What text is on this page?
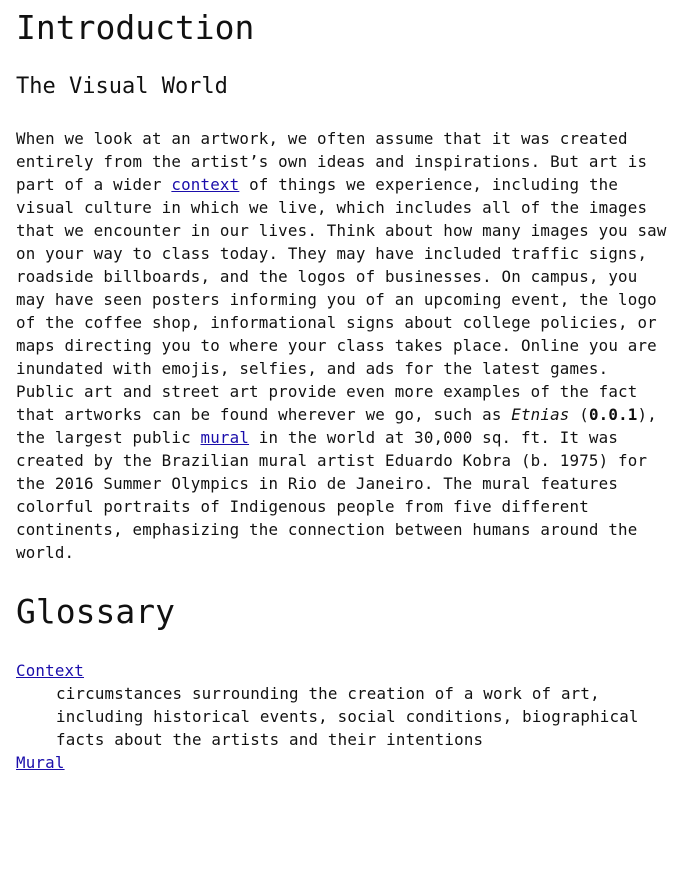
Introduction
The Visual World

When we look at an artwork, we often assume that it was created entirely from the artist’s own ideas and inspirations. But art is part of a wider context of things we experience, including the visual culture in which we live, which includes all of the images that we encounter in our lives. Think about how many images you saw on your way to class today. They may have included traffic signs, roadside billboards, and the logos of businesses. On campus, you may have seen posters informing you of an upcoming event, the logo of the coffee shop, informational signs about college policies, or maps directing you to where your class takes place. Online you are inundated with emojis, selfies, and ads for the latest games. Public art and street art provide even more examples of the fact that artworks can be found wherever we go, such as Etnias (0.0.1), the largest public mural in the world at 30,000 sq. ft. It was created by the Brazilian mural artist Eduardo Kobra (b. 1975) for the 2016 Summer Olympics in Rio de Janeiro. The mural features colorful portraits of Indigenous people from five different continents, emphasizing the connection between humans around the world.

Glossary
Context
circumstances surrounding the creation of a work of art, including historical events, social conditions, biographical facts about the artists and their intentions
Mural
